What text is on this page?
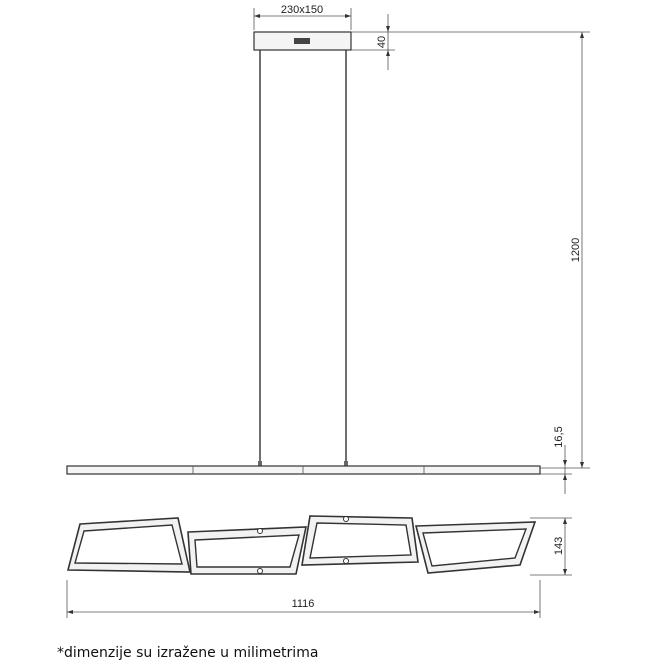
230x150
40
1200
16,5
143
1116
*dimenzije su izražene u milimetrima
